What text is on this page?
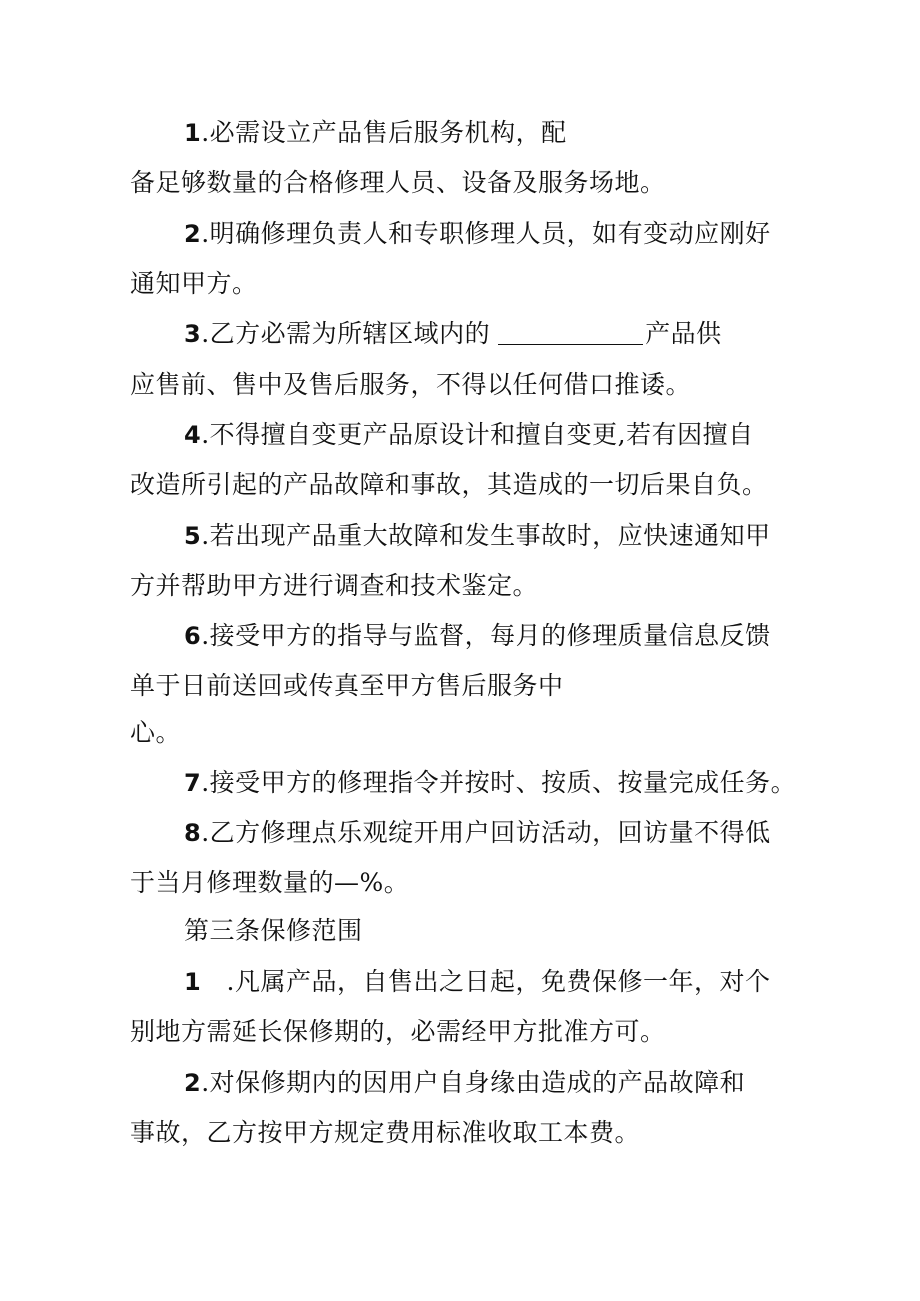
1.必需设立产品售后服务机构，配
备足够数量的合格修理人员、设备及服务场地。
2.明确修理负责人和专职修理人员，如有变动应刚好
通知甲方。
3.乙方必需为所辖区域内的	产品供
应售前、售中及售后服务，不得以任何借口推诿。
4.不得擅自变更产品原设计和擅自变更,若有因擅自
改造所引起的产品故障和事故，其造成的一切后果自负。
5.若出现产品重大故障和发生事故时，应快速通知甲
方并帮助甲方进行调查和技术鉴定。
6.接受甲方的指导与监督，每月的修理质量信息反馈
单于日前送回或传真至甲方售后服务中
心。
7.接受甲方的修理指令并按时、按质、按量完成任务。
8.乙方修理点乐观绽开用户回访活动，回访量不得低
于当月修理数量的—%。
第三条保修范围
1   .凡属产品，自售出之日起，免费保修一年，对个
别地方需延长保修期的，必需经甲方批准方可。
2.对保修期内的因用户自身缘由造成的产品故障和
事故，乙方按甲方规定费用标准收取工本费。
